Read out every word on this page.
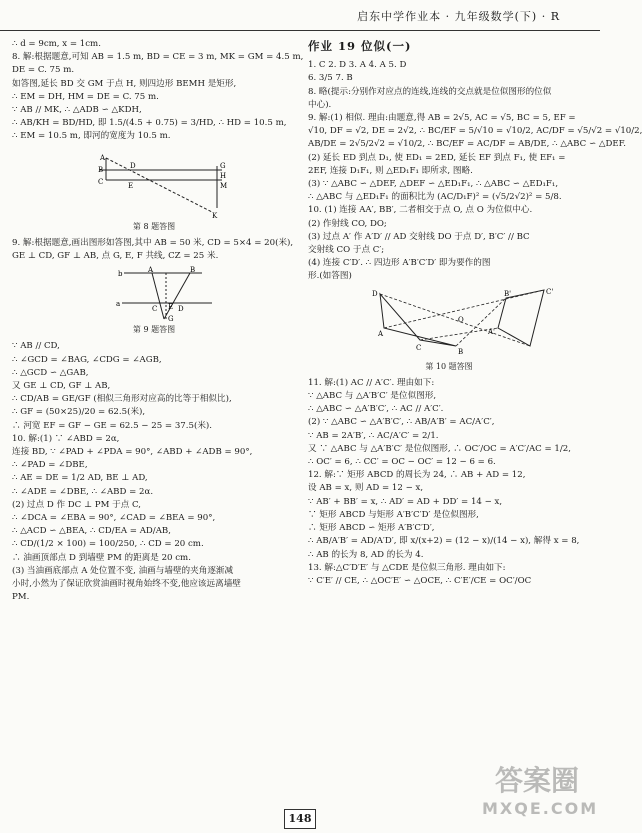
启东中学作业本 · 九年级数学(下) · R

∴ d = 9cm, x = 1cm.

8. 解:根据题意,可知 AB = 1.5 m, BD = CE = 3 m, MK = GM = 4.5 m,

DE = C. 75 m.

如答图,延长 BD 交 GM 于点 H, 则四边形 BEMH 是矩形,

∴ EM = DH, HM = DE = C. 75 m.

∵ AB // MK, ∴ △ADB ∽ △KDH,

∴ AB/KH = BD/HD, 即 1.5/(4.5 + 0.75) = 3/HD, ∴ HD = 10.5 m,

∴ EM = 10.5 m, 即河的宽度为 10.5 m.

A
B
C
D
E
G
H
M
K
第 8 题答图

9. 解:根据题意,画出图形如答图,其中 AB = 50 米, CD = 5×4 = 20(米),

GE ⊥ CD, GF ⊥ AB, 点 G, E, F 共线, CZ = 25 米.

b	A	B
a
C	D
E
G
第 9 题答图

∵ AB // CD,

∴ ∠GCD = ∠BAG, ∠CDG = ∠AGB,

∴ △GCD ∽ △GAB,

又 GE ⊥ CD, GF ⊥ AB,

∴ CD/AB = GE/GF (相似三角形对应高的比等于相似比),

∴ GF = (50×25)/20 = 62.5(米),

∴ 河宽 EF = GF − GE = 62.5 − 25 = 37.5(米).

10. 解:(1) ∵ ∠ABD = 2α,

连接 BD, ∵ ∠PAD + ∠PDA = 90°, ∠ABD + ∠ADB = 90°,

∴ ∠PAD = ∠DBE,

∴ AE = DE = 1/2 AD, BE ⊥ AD,

∴ ∠ADE = ∠DBE, ∴ ∠ABD = 2α.

(2) 过点 D 作 DC ⊥ PM 于点 C,

∴ ∠DCA = ∠EBA = 90°, ∠CAD = ∠BEA = 90°,

∴ △ACD ∽ △BEA, ∴ CD/EA = AD/AB,

∴ CD/(1/2 × 100) = 100/250, ∴ CD = 20 cm.

∴ 油画顶部点 D 到墙壁 PM 的距离是 20 cm.

(3) 当油画底部点 A 处位置不变, 油画与墙壁的夹角逐渐减

小时,小然为了保证欣赏油画时视角始终不变,他应该远离墙壁

PM.

作业 19 位似(一)

1. C 2. D 3. A 4. A 5. D

6. 3/5 7. B

8. 略(提示:分别作对应点的连线,连线的交点就是位似图形的位似

中心).

9. 解:(1) 相似. 理由:由题意,得 AB = 2√5, AC = √5, BC = 5, EF =

√10, DF = √2, DE = 2√2, ∴ BC/EF = 5/√10 = √10/2, AC/DF = √5/√2 = √10/2,

AB/DE = 2√5/2√2 = √10/2, ∴ BC/EF = AC/DF = AB/DE, ∴ △ABC ∽ △DEF.

(2) 延长 ED 到点 D₁, 使 ED₁ = 2ED, 延长 EF 到点 F₁, 使 EF₁ =

2EF, 连接 D₁F₁, 则 △ED₁F₁ 即所求, 图略.

(3) ∵ △ABC ∽ △DEF, △DEF ∽ △ED₁F₁, ∴ △ABC ∽ △ED₁F₁,

∴ △ABC 与 △ED₁F₁ 的面积比为 (AC/D₁F)² = (√5/2√2)² = 5/8.

10. (1) 连接 AA′, BB′, 二者相交于点 O, 点 O 为位似中心.

(2) 作射线 CO, DO;

(3) 过点 A′ 作 A′D′ // AD 交射线 DO 于点 D′, B′C′ // BC

交射线 CO 于点 C′;

(4) 连接 C′D′. ∴ 四边形 A′B′C′D′ 即为要作的图

形.(如答图)

D
A
O
B'	C'
A'
C	B
第 10 题答图

11. 解:(1) AC // A′C′. 理由如下:

∵ △ABC 与 △A′B′C′ 是位似图形,

∴ △ABC ∽ △A′B′C′, ∴ AC // A′C′.

(2) ∵ △ABC ∽ △A′B′C′, ∴ AB/A′B′ = AC/A′C′,

∵ AB = 2A′B′, ∴ AC/A′C′ = 2/1.

又 ∵ △ABC 与 △A′B′C′ 是位似图形, ∴ OC′/OC = A′C′/AC = 1/2,

∴ OC′ = 6, ∴ CC′ = OC − OC′ = 12 − 6 = 6.

12. 解:∵ 矩形 ABCD 的周长为 24, ∴ AB + AD = 12,

设 AB = x, 则 AD = 12 − x,

∵ AB′ + BB′ = x, ∴ AD′ = AD + DD′ = 14 − x,

∵ 矩形 ABCD 与矩形 A′B′C′D′ 是位似图形,

∴ 矩形 ABCD ∽ 矩形 A′B′C′D′,

∴ AB/A′B′ = AD/A′D′, 即 x/(x+2) = (12 − x)/(14 − x), 解得 x = 8,

∴ AB 的长为 8, AD 的长为 4.

13. 解:△C′D′E′ 与 △CDE 是位似三角形. 理由如下:

∵ C′E′ // CE, ∴ △OC′E′ ∽ △OCE, ∴ C′E′/CE = OC′/OC

148
答案圈
MXQE.COM
